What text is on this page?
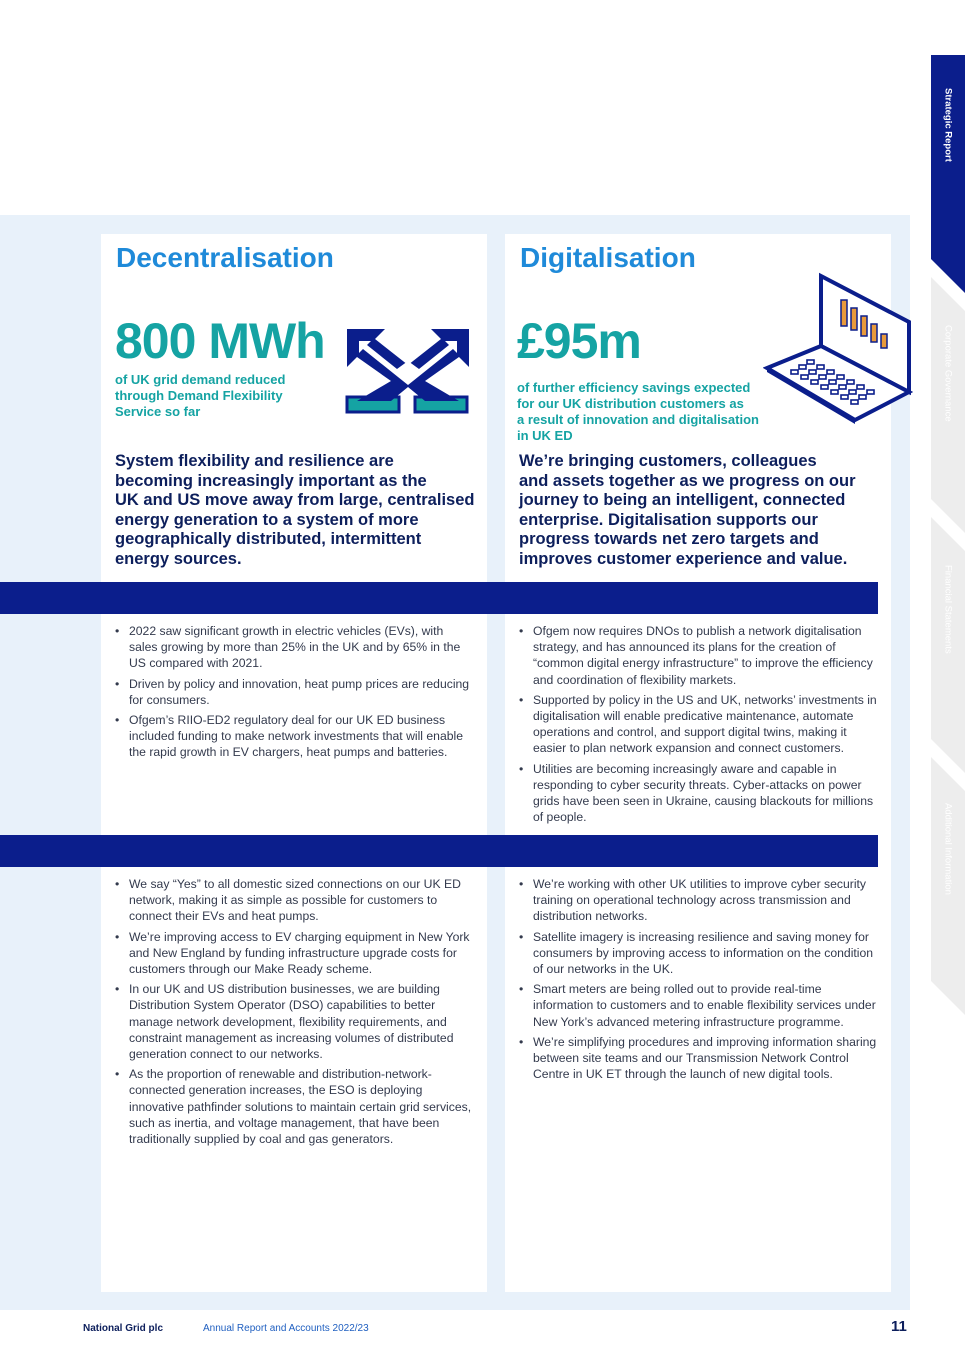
Strategic Report
Corporate Governance
Financial Statements
Additional Information
Decentralisation
800 MWh
of UK grid demand reduced
through Demand Flexibility
Service so far
System flexibility and resilience are
becoming increasingly important as the
UK and US move away from large, centralised
energy generation to a system of more
geographically distributed, intermittent
energy sources.
• 2022 saw significant growth in electric vehicles (EVs), with sales growing by more than 25% in the UK and by 65% in the US compared with 2021.
• Driven by policy and innovation, heat pump prices are reducing for consumers.
• Ofgem’s RIIO-ED2 regulatory deal for our UK ED business included funding to make network investments that will enable the rapid growth in EV chargers, heat pumps and batteries.
• We say “Yes” to all domestic sized connections on our UK ED network, making it as simple as possible for customers to connect their EVs and heat pumps.
• We’re improving access to EV charging equipment in New York and New England by funding infrastructure upgrade costs for customers through our Make Ready scheme.
• In our UK and US distribution businesses, we are building Distribution System Operator (DSO) capabilities to better manage network development, flexibility requirements, and constraint management as increasing volumes of distributed generation connect to our networks.
• As the proportion of renewable and distribution-network-connected generation increases, the ESO is deploying innovative pathfinder solutions to maintain certain grid services, such as inertia, and voltage management, that have been traditionally supplied by coal and gas generators.
Digitalisation
£95m
of further efficiency savings expected
for our UK distribution customers as
a result of innovation and digitalisation
in UK ED
We’re bringing customers, colleagues
and assets together as we progress on our
journey to being an intelligent, connected
enterprise. Digitalisation supports our
progress towards net zero targets and
improves customer experience and value.
• Ofgem now requires DNOs to publish a network digitalisation strategy, and has announced its plans for the creation of “common digital energy infrastructure” to improve the efficiency and coordination of flexibility markets.
• Supported by policy in the US and UK, networks’ investments in digitalisation will enable predicative maintenance, automate operations and control, and support digital twins, making it easier to plan network expansion and connect customers.
• Utilities are becoming increasingly aware and capable in responding to cyber security threats. Cyber-attacks on power grids have been seen in Ukraine, causing blackouts for millions of people.
• We’re working with other UK utilities to improve cyber security training on operational technology across transmission and distribution networks.
• Satellite imagery is increasing resilience and saving money for consumers by improving access to information on the condition of our networks in the UK.
• Smart meters are being rolled out to provide real-time information to customers and to enable flexibility services under New York’s advanced metering infrastructure programme.
• We’re simplifying procedures and improving information sharing between site teams and our Transmission Network Control Centre in UK ET through the launch of new digital tools.
National Grid plc	Annual Report and Accounts 2022/23	11
